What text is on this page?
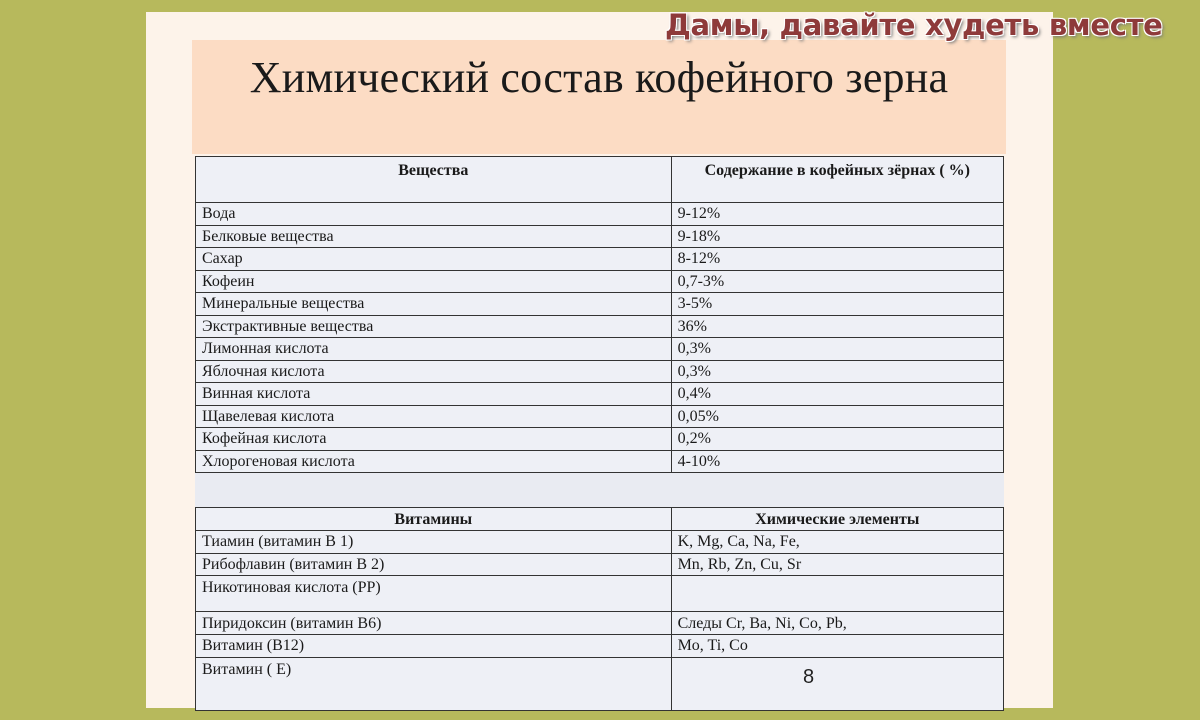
Химический состав кофейного зерна
Дамы, давайте худеть вместе
Вещества	Содержание в кофейных зёрнах ( %)
Вода	9-12%
Белковые вещества	9-18%
Сахар	8-12%
Кофеин	0,7-3%
Минеральные вещества	3-5%
Экстрактивные вещества	36%
Лимонная кислота	0,3%
Яблочная кислота	0,3%
Винная кислота	0,4%
Щавелевая кислота	0,05%
Кофейная кислота	0,2%
Хлорогеновая кислота	4-10%
Витамины	Химические элементы
Тиамин (витамин В 1)	K, Mg, Ca, Na, Fe,
Рибофлавин (витамин В 2)	Mn, Rb, Zn, Cu, Sr
Никотиновая кислота (РР)	
Пиридоксин (витамин В6)	Следы Cr, Ba, Ni, Co, Pb,
Витамин (В12)	Mo, Ti, Co
Витамин ( Е)		8
